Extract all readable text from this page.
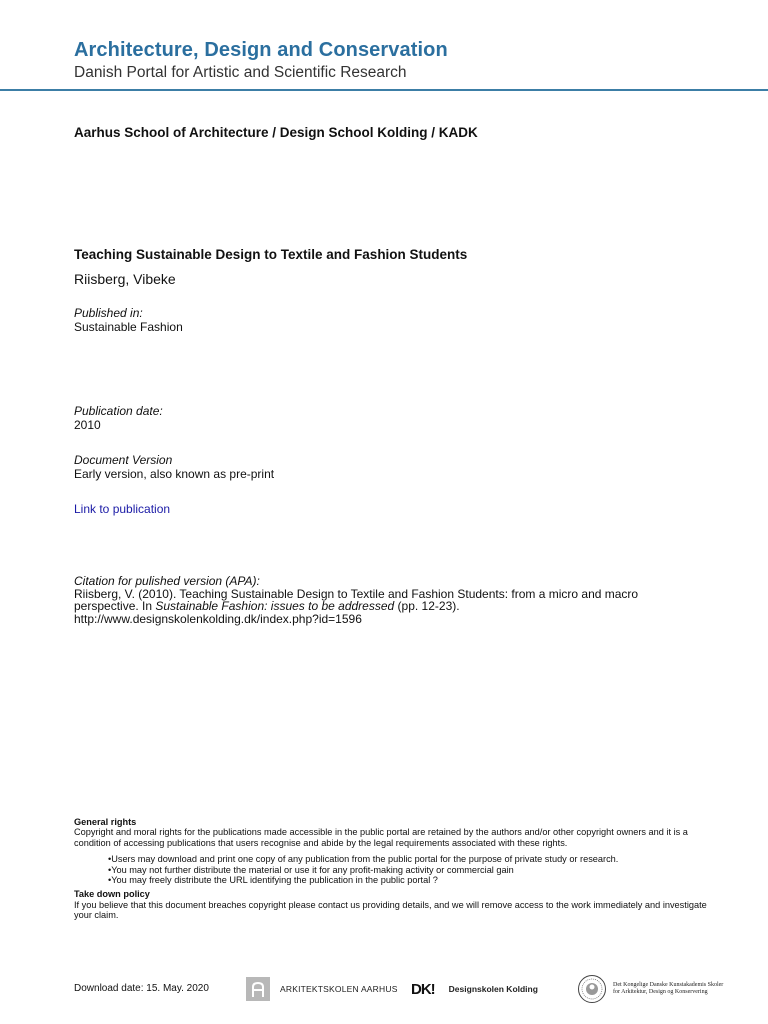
Architecture, Design and Conservation
Danish Portal for Artistic and Scientific Research
Aarhus School of Architecture / Design School Kolding / KADK
Teaching Sustainable Design to Textile and Fashion Students
Riisberg, Vibeke
Published in:
Sustainable Fashion
Publication date:
2010
Document Version
Early version, also known as pre-print
Link to publication
Citation for pulished version (APA):
Riisberg, V. (2010). Teaching Sustainable Design to Textile and Fashion Students: from a micro and macro
perspective. In Sustainable Fashion: issues to be addressed (pp. 12-23).
http://www.designskolenkolding.dk/index.php?id=1596
General rights
Copyright and moral rights for the publications made accessible in the public portal are retained by the authors and/or other copyright owners and it is a condition of accessing publications that users recognise and abide by the legal requirements associated with these rights.
• Users may download and print one copy of any publication from the public portal for the purpose of private study or research.
• You may not further distribute the material or use it for any profit-making activity or commercial gain
• You may freely distribute the URL identifying the publication in the public portal ?
Take down policy
If you believe that this document breaches copyright please contact us providing details, and we will remove access to the work immediately and investigate your claim.
Download date: 15. May. 2020	ARKITEKTSKOLEN AARHUS DK! Designskolen Kolding	Det Kongelige Danske Kunstakademis Skoler
for Arkitektur, Design og Konservering
